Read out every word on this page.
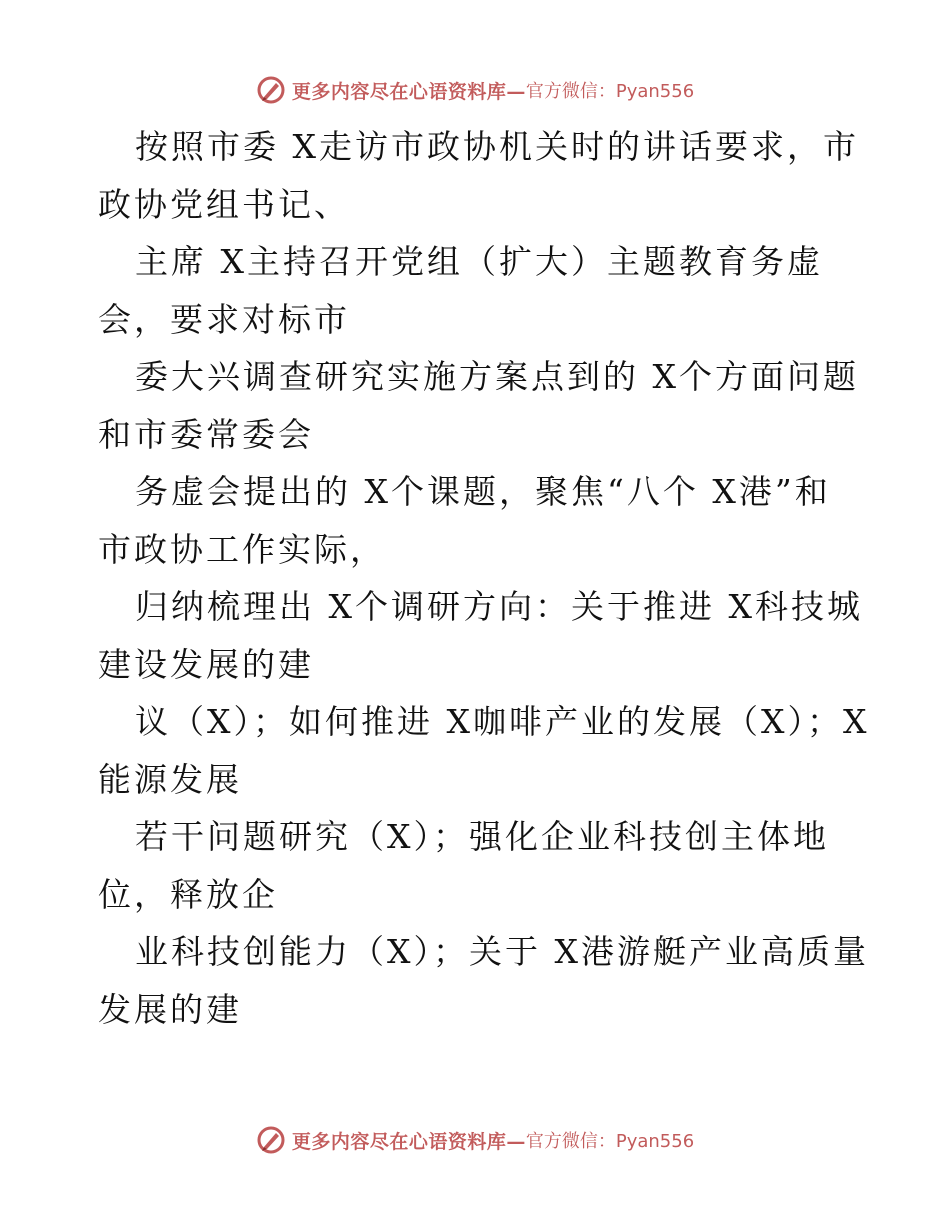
更多内容尽在心语资料库— 官方微信：Pyan556
按照市委 X走访市政协机关时的讲话要求，市
政协党组书记、
主席 X主持召开党组（扩大）主题教育务虚
会，要求对标市
委大兴调查研究实施方案点到的 X个方面问题
和市委常委会
务虚会提出的 X个课题，聚焦“八个 X港”和
市政协工作实际，
归纳梳理出 X个调研方向：关于推进 X科技城
建设发展的建
议（X）；如何推进 X咖啡产业的发展（X）；X
能源发展
若干问题研究（X）；强化企业科技创主体地
位，释放企
业科技创能力（X）；关于 X港游艇产业高质量
发展的建
更多内容尽在心语资料库— 官方微信：Pyan556
